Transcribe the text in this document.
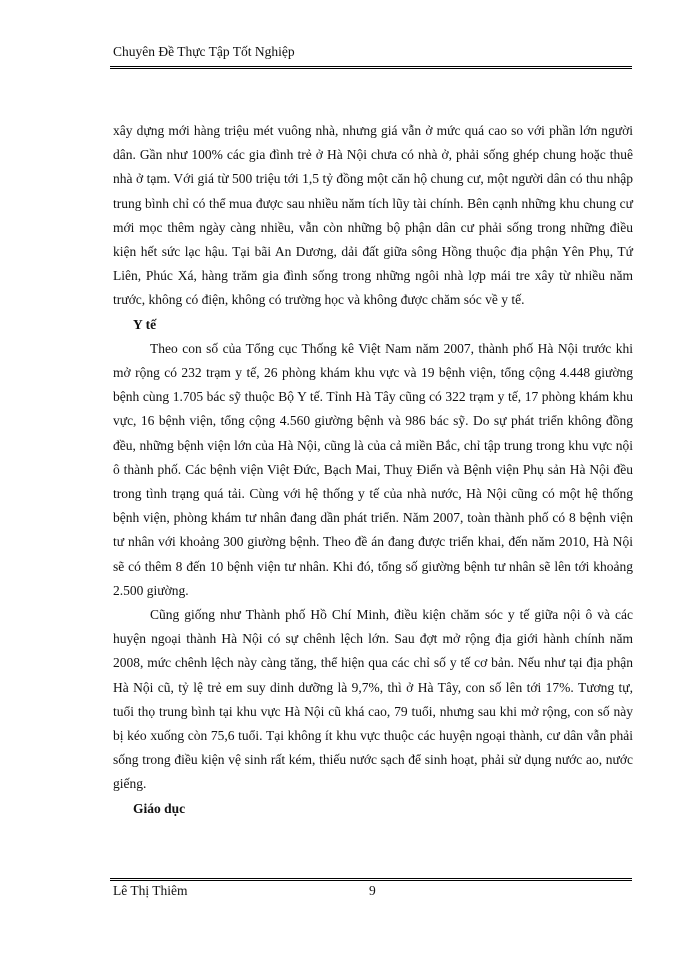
Chuyên Đề Thực Tập Tốt Nghiệp

xây dựng mới hàng triệu mét vuông nhà, nhưng giá vẫn ở mức quá cao so với phần lớn người dân. Gần như 100% các gia đình trẻ ở Hà Nội chưa có nhà ở, phải sống ghép chung hoặc thuê nhà ở tạm. Với giá từ 500 triệu tới 1,5 tỷ đồng một căn hộ chung cư, một người dân có thu nhập trung bình chỉ có thể mua được sau nhiều năm tích lũy tài chính. Bên cạnh những khu chung cư mới mọc thêm ngày càng nhiều, vẫn còn những bộ phận dân cư phải sống trong những điều kiện hết sức lạc hậu. Tại bãi An Dương, dải đất giữa sông Hồng thuộc địa phận Yên Phụ, Tứ Liên, Phúc Xá, hàng trăm gia đình sống trong những ngôi nhà lợp mái tre xây từ nhiều năm trước, không có điện, không có trường học và không được chăm sóc về y tế.

Y tế

Theo con số của Tổng cục Thống kê Việt Nam năm 2007, thành phố Hà Nội trước khi mở rộng có 232 trạm y tế, 26 phòng khám khu vực và 19 bệnh viện, tổng cộng 4.448 giường bệnh cùng 1.705 bác sỹ thuộc Bộ Y tế. Tỉnh Hà Tây cũng có 322 trạm y tế, 17 phòng khám khu vực, 16 bệnh viện, tổng cộng 4.560 giường bệnh và 986 bác sỹ. Do sự phát triển không đồng đều, những bệnh viện lớn của Hà Nội, cũng là của cả miền Bắc, chỉ tập trung trong khu vực nội ô thành phố. Các bệnh viện Việt Đức, Bạch Mai, Thuỵ Điển và Bệnh viện Phụ sản Hà Nội đều trong tình trạng quá tải. Cùng với hệ thống y tế của nhà nước, Hà Nội cũng có một hệ thống bệnh viện, phòng khám tư nhân đang dần phát triển. Năm 2007, toàn thành phố có 8 bệnh viện tư nhân với khoảng 300 giường bệnh. Theo đề án đang được triển khai, đến năm 2010, Hà Nội sẽ có thêm 8 đến 10 bệnh viện tư nhân. Khi đó, tổng số giường bệnh tư nhân sẽ lên tới khoảng 2.500 giường.

Cũng giống như Thành phố Hồ Chí Minh, điều kiện chăm sóc y tế giữa nội ô và các huyện ngoại thành Hà Nội có sự chênh lệch lớn. Sau đợt mở rộng địa giới hành chính năm 2008, mức chênh lệch này càng tăng, thể hiện qua các chỉ số y tế cơ bản. Nếu như tại địa phận Hà Nội cũ, tỷ lệ trẻ em suy dinh dưỡng là 9,7%, thì ở Hà Tây, con số lên tới 17%. Tương tự, tuổi thọ trung bình tại khu vực Hà Nội cũ khá cao, 79 tuổi, nhưng sau khi mở rộng, con số này bị kéo xuống còn 75,6 tuổi. Tại không ít khu vực thuộc các huyện ngoại thành, cư dân vẫn phải sống trong điều kiện vệ sinh rất kém, thiếu nước sạch để sinh hoạt, phải sử dụng nước ao, nước giếng.

Giáo dục

Lê Thị Thiêm	9
